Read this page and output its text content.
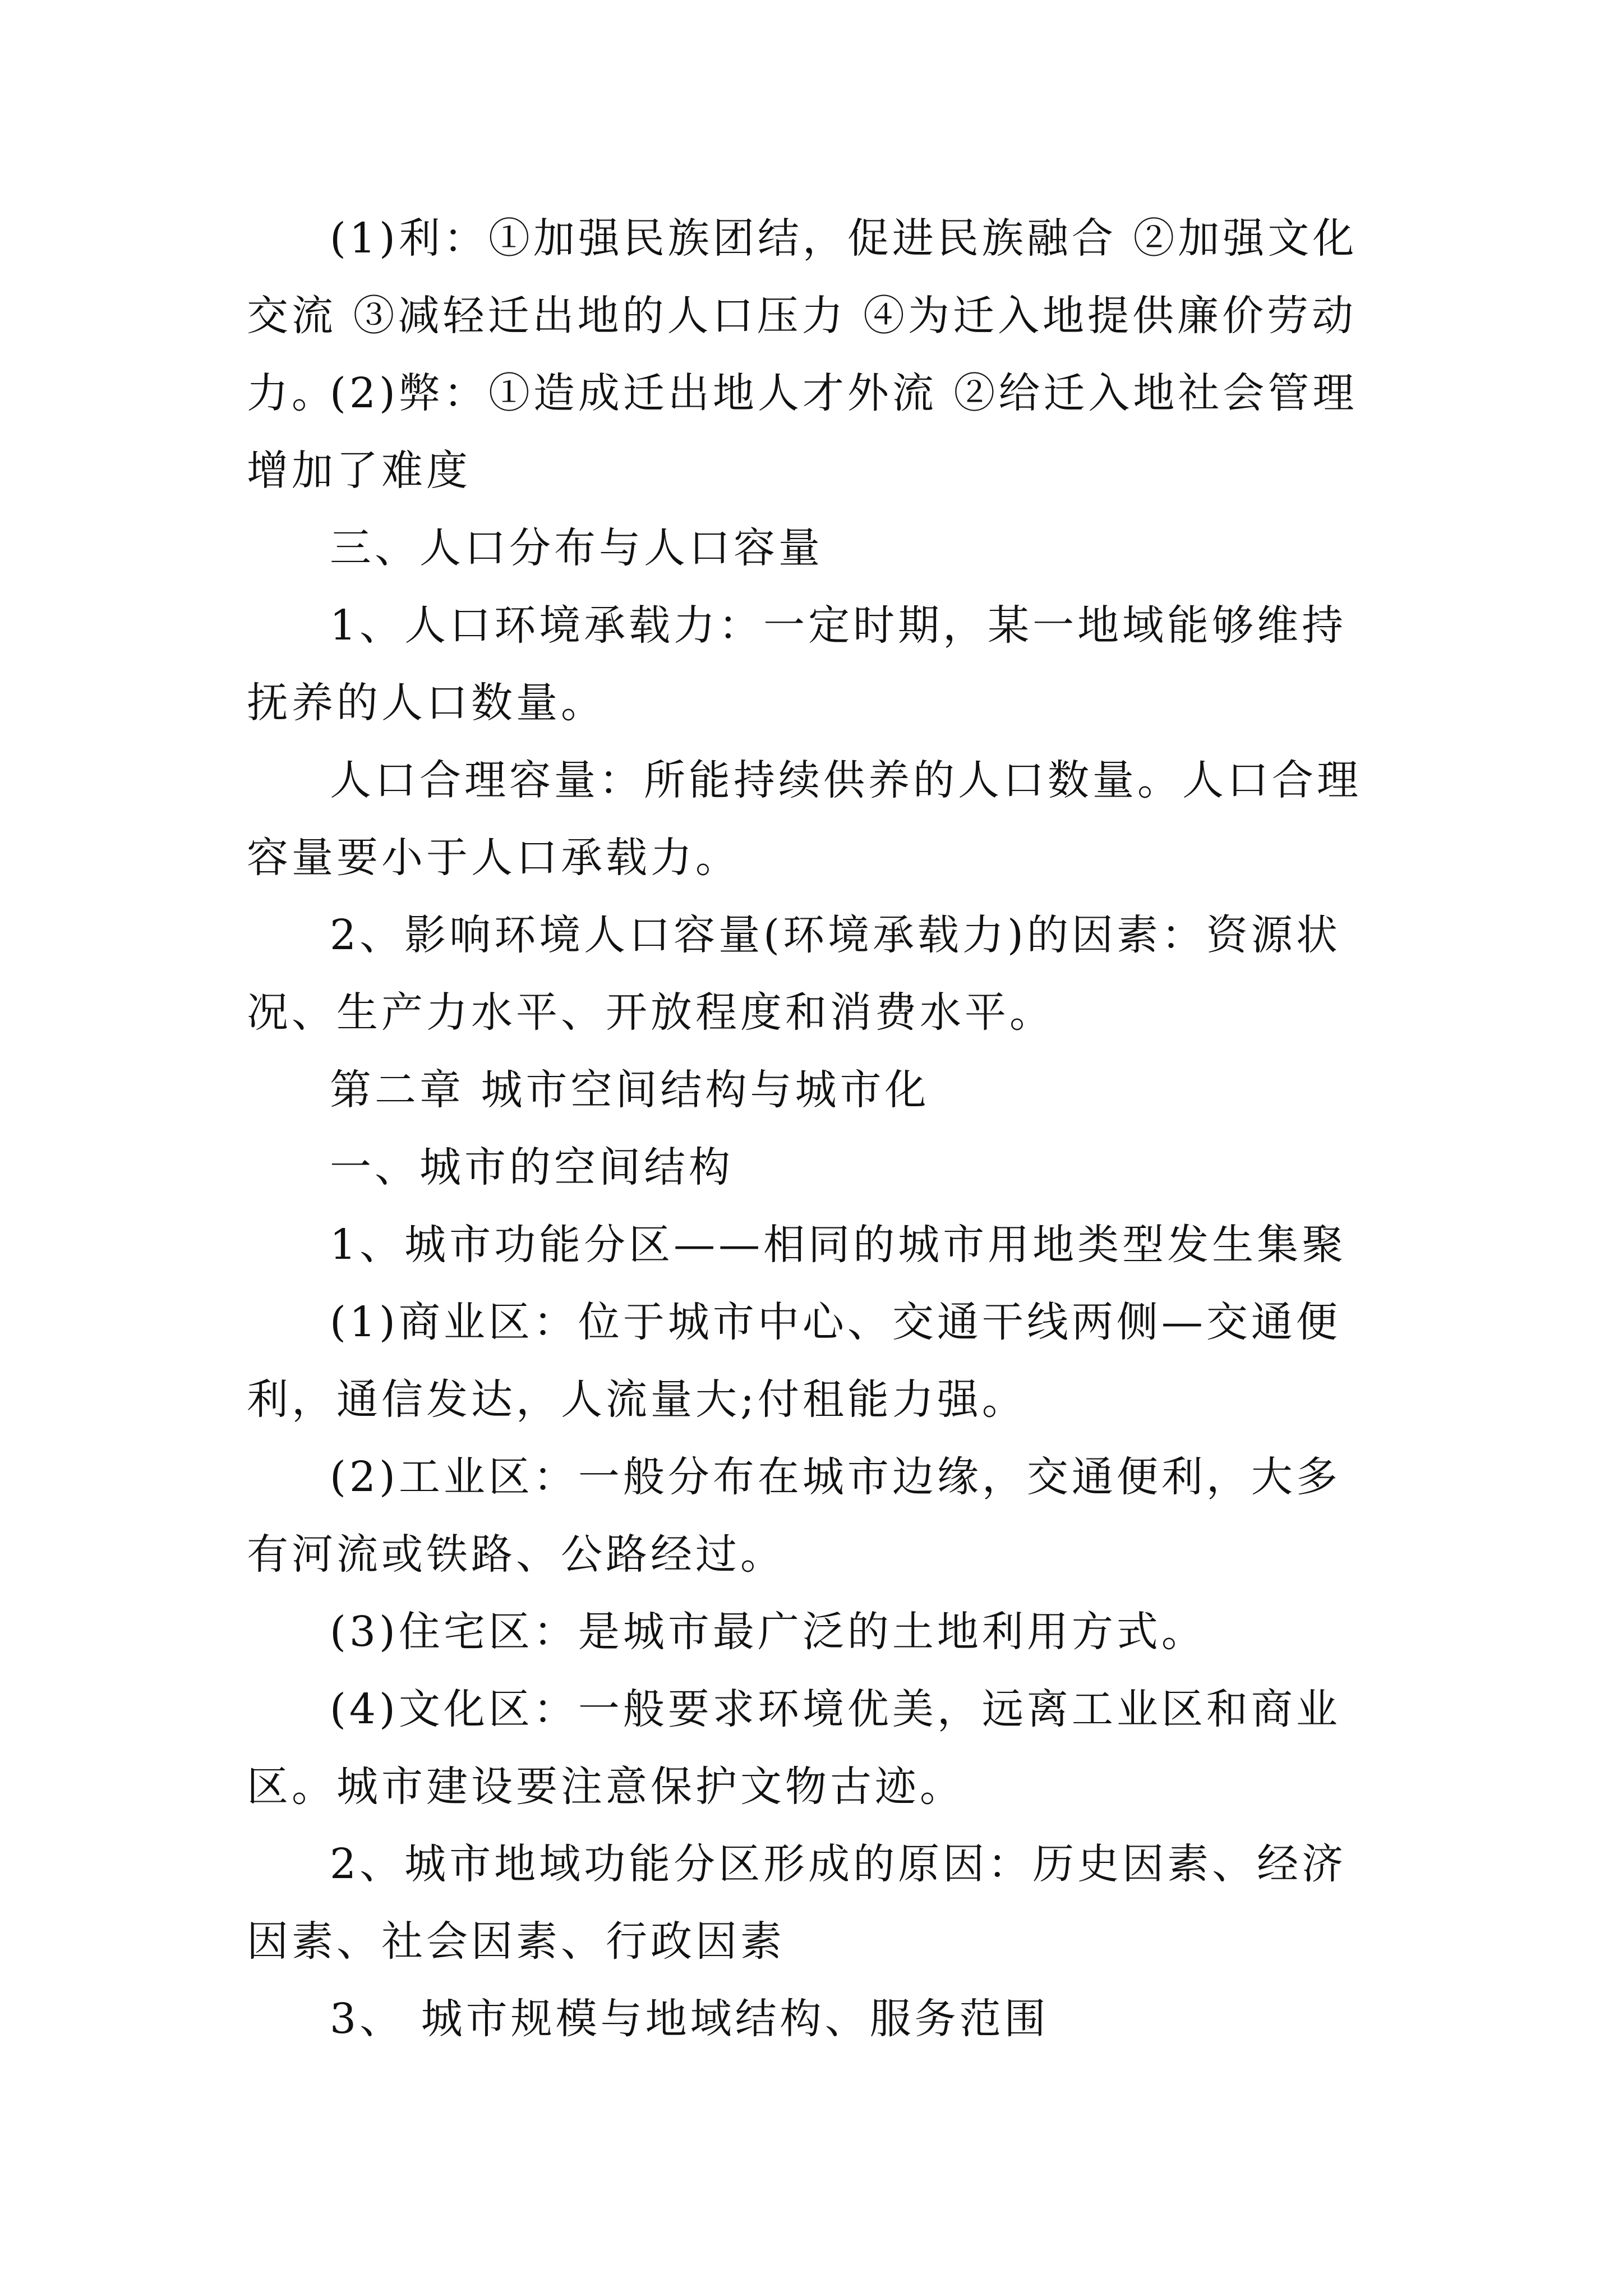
(1)利：①加强民族团结，促进民族融合 ②加强文化交流 ③减轻迁出地的人口压力 ④为迁入地提供廉价劳动力。

(2)弊：①造成迁出地人才外流 ②给迁入地社会管理增加了难度

三、人口分布与人口容量

1、人口环境承载力：一定时期，某一地域能够维持抚养的人口数量。

人口合理容量：所能持续供养的人口数量。人口合理容量要小于人口承载力。

2、影响环境人口容量(环境承载力)的因素：资源状况、生产力水平、开放程度和消费水平。

第二章 城市空间结构与城市化

一、城市的空间结构

1、城市功能分区——相同的城市用地类型发生集聚

(1)商业区：位于城市中心、交通干线两侧—交通便利，通信发达，人流量大;付租能力强。

(2)工业区：一般分布在城市边缘，交通便利，大多有河流或铁路、公路经过。

(3)住宅区：是城市最广泛的土地利用方式。

(4)文化区：一般要求环境优美，远离工业区和商业区。城市建设要注意保护文物古迹。

2、城市地域功能分区形成的原因：历史因素、经济因素、社会因素、行政因素

3、 城市规模与地域结构、服务范围
